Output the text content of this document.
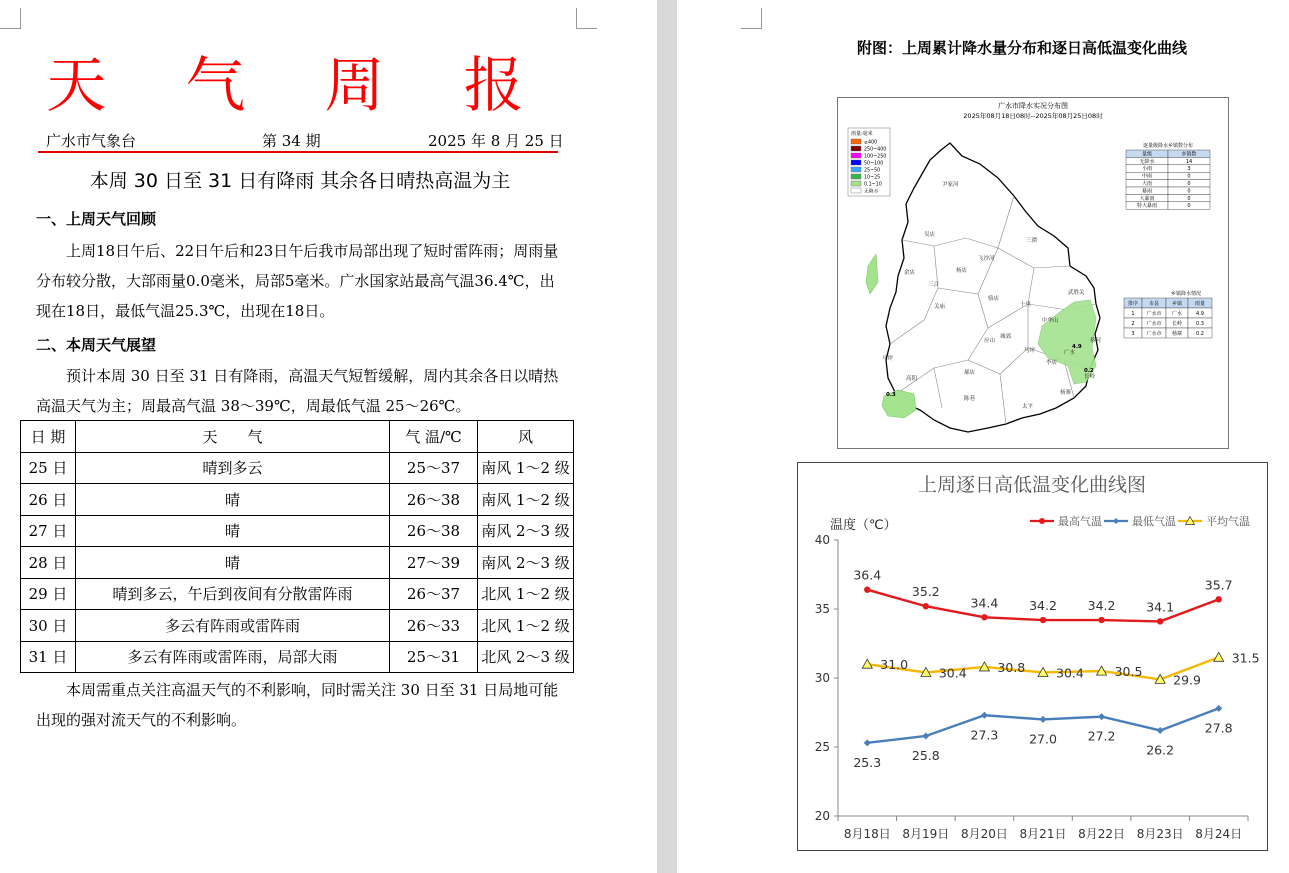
天 气 周 报
广水市气象台	第 34 期	2025 年 8 月 25 日
本周 30 日至 31 日有降雨 其余各日晴热高温为主
一、上周天气回顾
上周18日午后、22日午后和23日午后我市局部出现了短时雷阵雨；周雨量分布较分散，大部雨量0.0毫米，局部5毫米。广水国家站最高气温36.4℃，出现在18日，最低气温25.3℃，出现在18日。
二、本周天气展望
预计本周 30 日至 31 日有降雨，高温天气短暂缓解，周内其余各日以晴热高温天气为主；周最高气温 38～39℃，周最低气温 25～26℃。
日 期	天　　气	气 温/℃	风
25 日	晴到多云	25～37	南风 1～2 级
26 日	晴	26～38	南风 1～2 级
27 日	晴	26～38	南风 2～3 级
28 日	晴	27～39	南风 2～3 级
29 日	晴到多云，午后到夜间有分散雷阵雨	26～37	北风 1～2 级
30 日	多云有阵雨或雷阵雨	26～33	北风 1～2 级
31 日	多云有阵雨或雷阵雨，局部大雨	25～31	北风 2～3 级
本周需重点关注高温天气的不利影响，同时需关注 30 日至 31 日局地可能出现的强对流天气的不利影响。
附图：上周累计降水量分布和逐日高低温变化曲线
广水市降水实况分布图
2025年08月18日08时--2025年08月25日08时
尹家河
吴店
三潭
余店
三合
杨店
飞沙河
关庙
骆店
十里
武胜关
中华山
应山
广水
长岭
蔡河
马坪
郝店
李店
马坪
陈巷
杨寨
高阳
太平
城郊
4.9
0.2
0.3
雨量:毫米
≥400
250~400
100~250
50~100
25~50
10~25
0.1~10
无降水
逐量级降水乡镇数分布
量级	乡镇数
无降水	14
小雨	3
中雨	0
大雨	0
暴雨	0
大暴雨	0
特大暴雨	0
乡镇降水情况
排序 市县	乡镇	雨量
1 广水市 广水	4.9
2 广水市 长岭	0.3
3 广水市 杨寨	0.2
上周逐日高低温变化曲线图
温度（℃）	最高气温	最低气温	平均气温
20
25
30
35
40
8月18日 8月19日 8月20日 8月21日 8月22日 8月23日 8月24日
36.4
35.2
34.4 34.2 34.2 34.1
35.7
25.3 25.8
27.3 27.0 27.2
26.2
27.8
31.0
30.4 30.8 30.4 30.5
29.9
31.5
